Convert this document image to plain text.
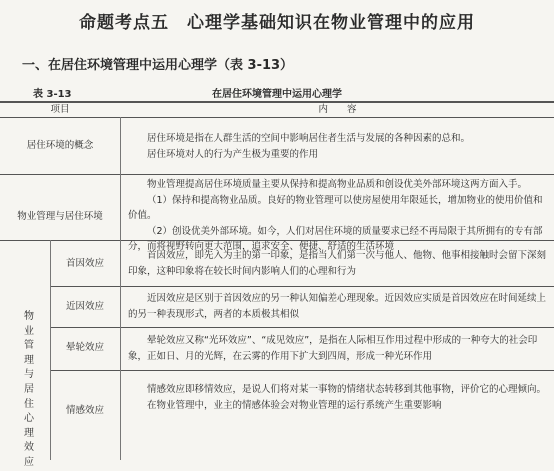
命题考点五　心理学基础知识在物业管理中的应用
一、在居住环境管理中运用心理学（表 3-13）
表 3-13	在居住环境管理中运用心理学
项目	内　　容
居住环境的概念
居住环境是指在人群生活的空间中影响居住者生活与发展的各种因素的总和。
居住环境对人的行为产生极为重要的作用
物业管理与居住环境
物业管理提高居住环境质量主要从保持和提高物业品质和创设优美外部环境这两方面入手。
（1）保持和提高物业品质。良好的物业管理可以使房屋使用年限延长，增加物业的使用价值和价值。
（2）创设优美外部环境。如今，人们对居住环境的质量要求已经不再局限于其所拥有的专有部分，而将视野转向更大范围，追求安全、便捷、舒适的生活环境
物业管理与居住心理效应
首因效应
首因效应，即先入为主的第一印象，是指当人们第一次与他人、他物、他事相接触时会留下深刻印象，这种印象将在较长时间内影响人们的心理和行为
近因效应
近因效应是区别于首因效应的另一种认知偏差心理现象。近因效应实质是首因效应在时间延续上的另一种表现形式，两者的本质极其相似
晕轮效应
晕轮效应又称“光环效应”、“成见效应”，是指在人际相互作用过程中形成的一种夸大的社会印象，正如日、月的光辉，在云雾的作用下扩大到四周，形成一种光环作用
情感效应
情感效应即移情效应，是说人们将对某一事物的情绪状态转移到其他事物，评价它的心理倾向。
在物业管理中，业主的情感体验会对物业管理的运行系统产生重要影响
